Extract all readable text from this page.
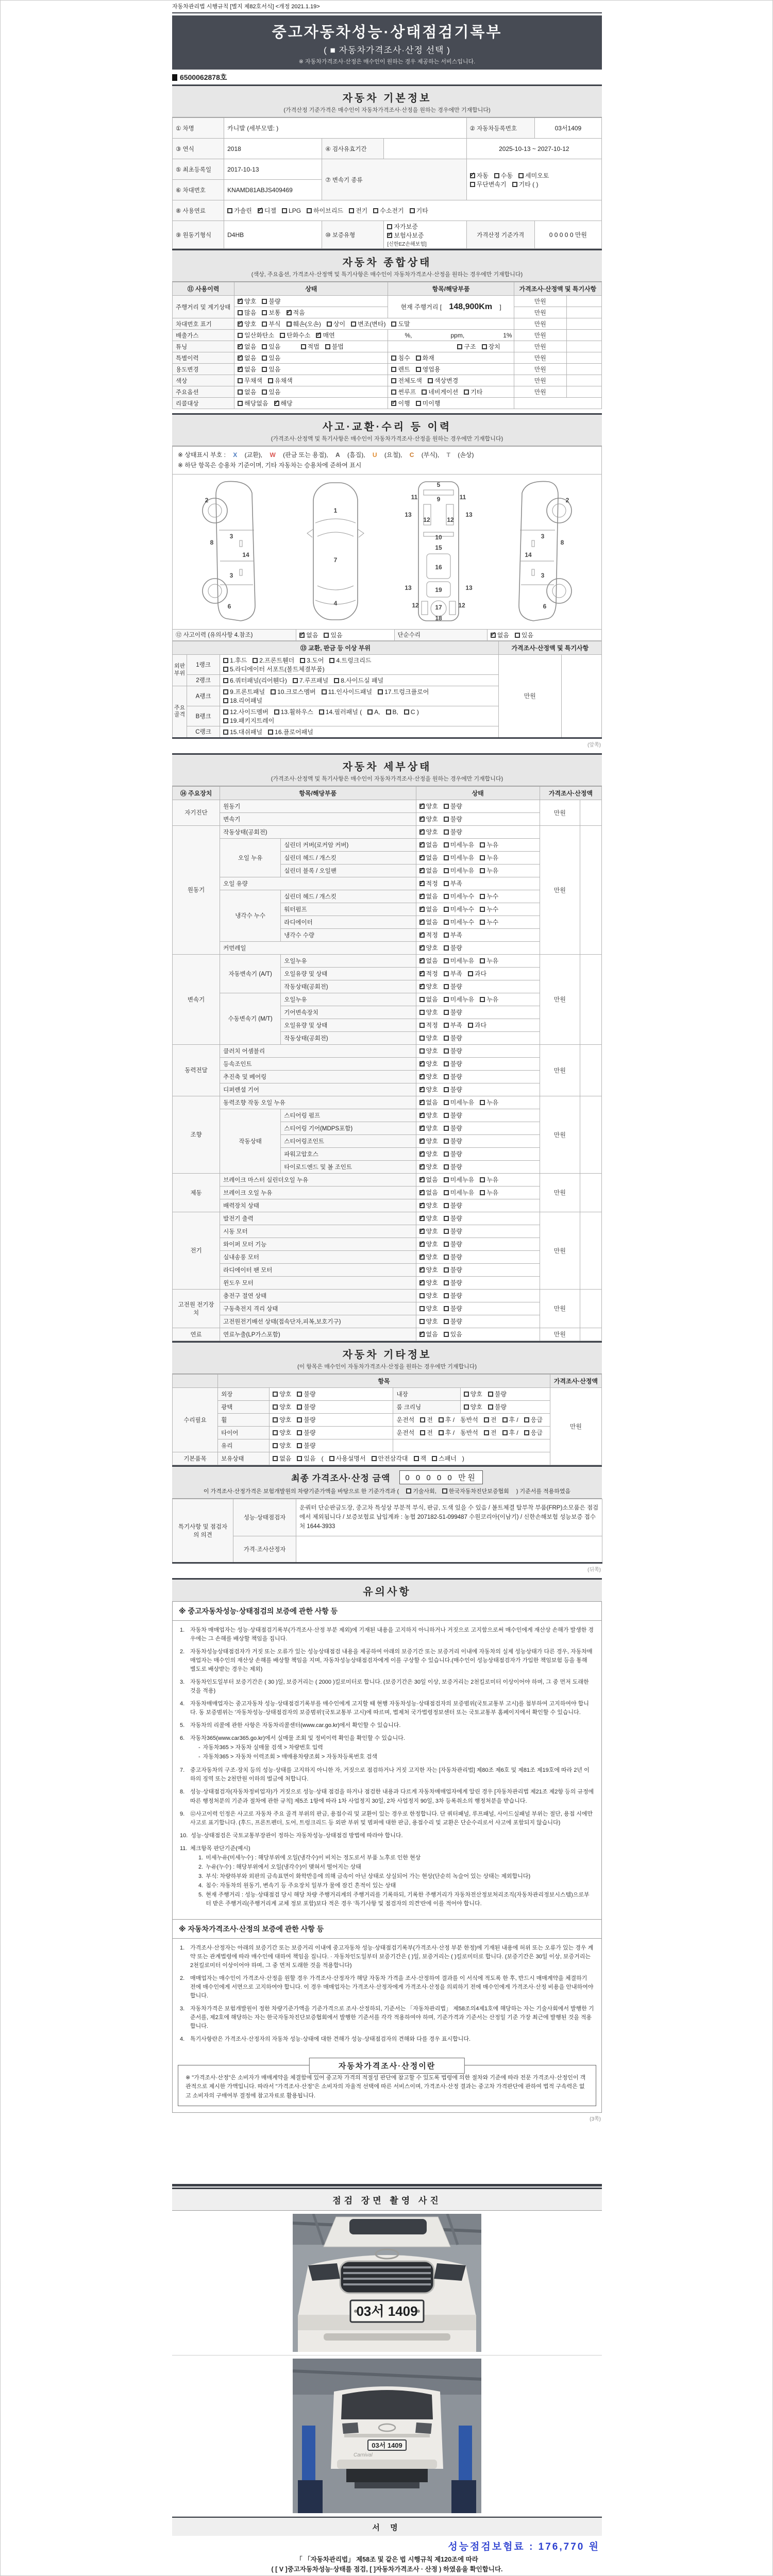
자동차관리법 시행규칙 [별지 제82호서식] <개정 2021.1.19>
중고자동차성능·상태점검기록부
( ■ 자동차가격조사·산정 선택 )
※ 자동차가격조사·산정은 매수인이 원하는 경우 제공하는 서비스입니다.
6500062878호
자동차 기본정보
(가격산정 기준가격은 매수인이 자동차가격조사·산정을 원하는 경우에만 기재합니다)
① 차명	카니발 (세부모델: )			② 자동차등록번호	03서1409
③ 연식	2018	④ 검사유효기간		2025-10-13 ~ 2027-10-12	
⑤ 최초등록일	2017-10-13	⑦ 변속기 종류	✓자동 수동 세미오토
무단변속기 기타 ( )
⑥ 차대번호	KNAMD81ABJS409469				
⑧ 사용연료	가솔린 ✓ 디젤 LPG 하이브리드 전기 수소전기 기타
⑨ 원동기형식	D4HB	⑩ 보증유형	자가보증✓보험사보증[신한EZ손해보험]	가격산정 기준가격	0 0 0 0 0 만원
자동차 종합상태
(색상, 주요옵션, 가격조사·산정액 및 특기사항은 매수인이 자동차가격조사·산정을 원하는 경우에만 기재합니다)
⑪ 사용이력	상태	항목/해당부품	가격조사·산정액 및 특기사항	
주행거리 및 계기상태	✓양호 불량	현재 주행거리 [ 148,900Km ]	만원	
	많음 보통 ✓ 적음		만원	
차대번호 표기	✓양호 부식 훼손(오손) 상이 변조(변타) 도말		만원	
배출가스	일산화탄소 탄화수소 ✓ 매연	%, ppm, 1%	만원	
튜닝	✓없음 있음 적법 불법	구조 장치	만원	
특별이력	✓없음 있음	침수 화재	만원	
용도변경	✓없음 있음	렌트 영업용	만원	
색상	무채색 유채색	전체도색 색상변경	만원	
주요옵션	없음 있음	썬루프 네비게이션 기타	만원	
리콜대상	해당없음 ✓ 해당	✓이행 미이행	
사고·교환·수리 등 이력
(가격조사·산정액 및 특기사항은 매수인이 자동차가격조사·산정을 원하는 경우에만 기재합니다)
※ 상태표시 부호 : X (교환), W (판금 또는 용접), A (흠집), U (요철), C (부식), T (손상)
※ 하단 항목은 승용차 기준이며, 기타 자동차는 승용차에 준하여 표시
2
8
3
14
3
6
1
7
4
5
9
11	11
13	13
12	12
10
15
16
13	13
19
12	12
17
18
2
8
3
14
3
6
⑫ 사고이력 (유의사항 4.참조)	✓없음 있음	단순수리	✓없음 있음
⑬ 교환, 판금 등 이상 부위			가격조사·산정액 및 특기사항	
외판부위	1랭크	1.후드 2.프론트휀더 3.도어 4.트렁크리드
5.라디에이터 서포트(볼트체결부품)	만원	
	2랭크	6.쿼터패널(리어휀다) 7.루프패널 8.사이드실 패널		
주요골격	A랭크	9.프론트패널 10.크로스멤버 11.인사이드패널 17.트렁크플로어
18.리어패널		
	B랭크	12.사이드멤버 13.휠하우스 14.필러패널 ( A, B, C )
19.패키지트레이		
	C랭크	15.대쉬패널 16.플로어패널		
(앞쪽)
자동차 세부상태
(가격조사·산정액 및 특기사항은 매수인이 자동차가격조사·산정을 원하는 경우에만 기재합니다)
⑭ 주요장치	항목/해당부품		상태	가격조사·산정액	
자기진단	원동기	✓양호 불량	만원	
	변속기	✓양호 불량
원동기	작동상태(공회전)	✓양호 불량	만원	
	오일 누유	실린더 커버(로커암 커버)	✓없음 미세누유 누유
		실린더 헤드 / 개스킷	✓없음 미세누유 누유
		실린더 블록 / 오일팬	✓없음 미세누유 누유
	오일 유량	✓적정 부족
	냉각수 누수	실린더 헤드 / 개스킷	✓없음 미세누수 누수
		워터펌프	✓없음 미세누수 누수
		라디에이터	✓없음 미세누수 누수
		냉각수 수량	✓적정 부족
	커먼레일	✓양호 불량
변속기	자동변속기 (A/T)	오일누유	✓없음 미세누유 누유	만원	
		오일유량 및 상태	✓적정 부족 과다
		작동상태(공회전)	✓양호 불량
	수동변속기 (M/T)	오일누유	없음 미세누유 누유		
		기어변속장치	양호 불량		
		오일유량 및 상태	적정 부족 과다		
		작동상태(공회전)	양호 불량		
동력전달	클러치 어셈블리		양호 불량	만원	
	등속조인트	✓양호 불량
	추진축 및 베어링	✓양호 불량
	디퍼렌셜 기어	✓양호 불량
조향	동력조향 작동 오일 누유	✓없음 미세누유 누유	만원	
	작동상태	스티어링 펌프	✓양호 불량
		스티어링 기어(MDPS포함)	✓양호 불량
		스티어링조인트	✓양호 불량
		파워고압호스	✓양호 불량
		타이로드엔드 및 볼 조인트	✓양호 불량
제동	브레이크 마스터 실린더오일 누유	✓없음 미세누유 누유	만원	
	브레이크 오일 누유	✓없음 미세누유 누유
	배력장치 상태	✓양호 불량
전기	발전기 출력	✓양호 불량	만원	
	시동 모터	✓양호 불량
	와이퍼 모터 기능	✓양호 불량
	실내송풍 모터	✓양호 불량
	라디에이터 팬 모터	✓양호 불량
	윈도우 모터	✓양호 불량
고전원 전기장치	충전구 절연 상태		양호 불량	만원	
	구동축전지 격리 상태		양호 불량		
	고전원전기배선 상태(접속단자,피복,보호기구)		양호 불량		
연료	연료누출(LP가스포함)	✓없음 있음	만원	
자동차 기타정보
(이 항목은 매수인이 자동차가격조사·산정을 원하는 경우에만 기재합니다)
	항목				가격조사·산정액
수리필요	외장	양호 불량	내장	양호 불량	만원
	광택	양호 불량	룸 크리닝	양호 불량	
	휠	양호 불량	운전석 전 후 / 동반석 전 후 / 응급		
	타이어	양호 불량	운전석 전 후 / 동반석 전 후 / 응급		
	유리	양호 불량			
기본품목	보유상태	없음 있음 ( 사용설명서 안전삼각대 잭 스패너 )			
최종 가격조사·산정 금액	0 0 0 0 0 만원
이 가격조사·산정가격은 보험개발원의 차량기준가액을 바탕으로 한 기준가격과 ( 기술사회, 한국자동차진단보증협회 ) 기준서를 적용하였음
특기사항 및 점검자의 의견	성능·상태점검자	운쿼터 단순판금도장, 중고차 특성상 부분적 부식, 판금, 도색 있을 수 있음 / 볼트체결 탈부착 부품(FRP)소모품은 점검에서 제외됩니다 / 보증보험료 납입계좌 : 농협 207182-51-099487 수원코리아(이남기) / 신한손해보험 성능보증 접수처 1644-3933
	가격·조사산정자	
(뒤쪽)
유의사항
※ 중고자동차성능·상태점검의 보증에 관한 사항 등
1. 자동차 매매업자는 성능·상태점검기록부(가격조사·산정 부분 제외)에 기재된 내용을 고지하지 아니하거나 거짓으로 고지함으로써 매수인에게 재산상 손해가 발생한 경우에는 그 손해를 배상할 책임을 집니다.
2. 자동차성능상태점검자가 거짓 또는 오류가 있는 성능상태점검 내용을 제공하여 아래의 보증기간 또는 보증거리 이내에 자동차의 실제 성능상태가 다른 경우, 자동차매매업자는 매수인의 재산상 손해를 배상할 책임을 지며, 자동차성능상태점검자에게 이를 구상할 수 있습니다.(매수인이 성능상태점검자가 가입한 책임보험 등을 통해 별도로 배상받는 경우는 제외)
3. 자동차인도일부터 보증기간은 ( 30 )일, 보증거리는 ( 2000 )킬로미터로 합니다. (보증기간은 30일 이상, 보증거리는 2천킬로미터 이상이어야 하며, 그 중 먼저 도래한 것을 적용)
4. 자동차매매업자는 중고자동차 성능·상태점검기록부를 매수인에게 고지할 때 현행 자동차성능·상태점검자의 보증범위(국토교통부 고시)를 첨부하여 고지하여야 합니다. 동 보증범위는 '자동차성능·상태점검자의 보증범위'(국토교통부 고시)에 따르며, 법제처 국가법령정보센터 또는 국토교통부 홈페이지에서 확인할 수 있습니다.
5. 자동차의 리콜에 관한 사항은 자동차리콜센터(www.car.go.kr)에서 확인할 수 있습니다.
6. 자동차365(www.car365.go.kr)에서 실매물 조회 및 정비이력 확인을 확인할 수 있습니다.
- 자동차365 > 자동차 실매물 검색 > 차량번호 입력
- 자동차365 > 자동차 이력조회 > 매매용차량조회 > 자동차등록번호 검색
7. 중고자동차의 구조·장치 등의 성능·상태를 고지하지 아니한 자, 거짓으로 점검하거나 거짓 고지한 자는 [자동차관리법] 제80조 제6호 및 제81조 제19호에 따라 2년 이하의 징역 또는 2천만원 이하의 벌금에 처합니다.
8. 성능·상태점검자(자동차정비업자)가 거짓으로 성능·상태 점검을 하거나 점검한 내용과 다르게 자동차매매업자에게 알린 경우 [자동차관리법 제21조 제2항 등의 규정에 따른 행정처분의 기준과 절차에 관한 규칙] 제5조 1항에 따라 1차 사업정지 30일, 2차 사업정지 90일, 3차 등록취소의 행정처분을 받습니다.
9. ⑫사고이력 인정은 사고로 자동차 주요 골격 부위의 판금, 용접수리 및 교환이 있는 경우로 한정합니다. 단 쿼터패널, 루프패널, 사이드실패널 부위는 절단, 용접 시에만 사고로 표기합니다. (후드, 프론트펜더, 도어, 트렁크리드 등 외판 부위 및 범퍼에 대한 판금, 용접수리 및 교환은 단순수리로서 사고에 포함되지 않습니다)
10. 성능·상태점검은 국토교통부장관이 정하는 자동차성능·상태점검 방법에 따라야 합니다.
11. 체크항목 판단기준(예시)
1. 미세누유(미세누수) : 해당부위에 오일(냉각수)이 비치는 정도로서 부품 노후로 인한 현상
2. 누유(누수) : 해당부위에서 오일(냉각수)이 맺혀서 떨어지는 상태
3. 부식: 차량하부와 외판의 금속표면이 화학반응에 의해 금속이 아닌 상태로 상실되어 가는 현상(단순히 녹슬어 있는 상태는 제외합니다)
4. 침수: 자동차의 원동기, 변속기 등 주요장치 일부가 물에 잠긴 흔적이 있는 상태
5. 현재 주행거리 : 성능·상태점검 당시 해당 차량 주행거리계의 주행거리를 기록하되, 기록한 주행거리가 자동차전산정보처리조직(자동차관리정보시스템)으로부터 받은 주행거리(주행거리계 교체 정보 포함)보다 적은 경우 '특기사항 및 점검자의 의견'란에 이를 적어야 합니다.
※ 자동차가격조사·산정의 보증에 관한 사항 등
1. 가격조사·산정자는 아래의 보증기간 또는 보증거리 이내에 중고자동차 성능·상태점검기록부(가격조사·산정 부분 한정)에 기재된 내용에 허위 또는 오류가 있는 경우 계약 또는 관계법령에 따라 매수인에 대하여 책임을 집니다. · 자동차인도일부터 보증기간은 ( )일, 보증거리는 ( )킬로미터로 합니다. (보증기간은 30일 이상, 보증거리는 2천킬로미터 이상이어야 하며, 그 중 먼저 도래한 것을 적용합니다)
2. 매매업자는 매수인이 가격조사·산정을 원할 경우 가격조사·산정자가 해당 자동차 가격을 조사·산정하여 결과를 이 서식에 적도록 한 후, 반드시 매매계약을 체결하기 전에 매수인에게 서면으로 고지하여야 합니다. 이 경우 매매업자는 가격조사·산정자에게 가격조사·산정을 의뢰하기 전에 매수인에게 가격조사·산정 비용을 안내하여야 합니다.
3. 자동차가격은 보험개발원이 정한 차량기준가액을 기준가격으로 조사·산정하되, 기준서는 「자동차관리법」 제58조의4제1호에 해당하는 자는 기술사회에서 발행한 기준서를, 제2호에 해당하는 자는 한국자동차진단보증협회에서 발행한 기준서를 각각 적용하여야 하며, 기준가격과 기준서는 산정일 기준 가장 최근에 발행된 것을 적용합니다.
4. 특기사항란은 가격조사·산정자의 자동차 성능·상태에 대한 견해가 성능·상태점검자의 견해와 다를 경우 표시합니다.
자동차가격조사·산정이란
※ "가격조사·산정"은 소비자가 매매계약을 체결함에 있어 중고차 가격의 적절성 판단에 참고할 수 있도록 법령에 의한 절차와 기준에 따라 전문 가격조사·산정인이 객관적으로 제시한 가액입니다. 따라서 "가격조사·산정"은 소비자의 자율적 선택에 따른 서비스이며, 가격조사·산정 결과는 중고차 가격판단에 관하여 법적 구속력은 없고 소비자의 구매여부 결정에 참고자료로 활용됩니다.
(3쪽)
점검 장면 촬영 사진
03서 1409
03서 1409
Carnival
서 명
성능점검보험료 : 176,770 원
「 「자동차관리법」 제58조 및 같은 법 시행규칙 제120조에 따라
( [ V ]중고자동차성능·상태를 점검, [ ]자동차가격조사 · 산정 ) 하였음을 확인합니다.
